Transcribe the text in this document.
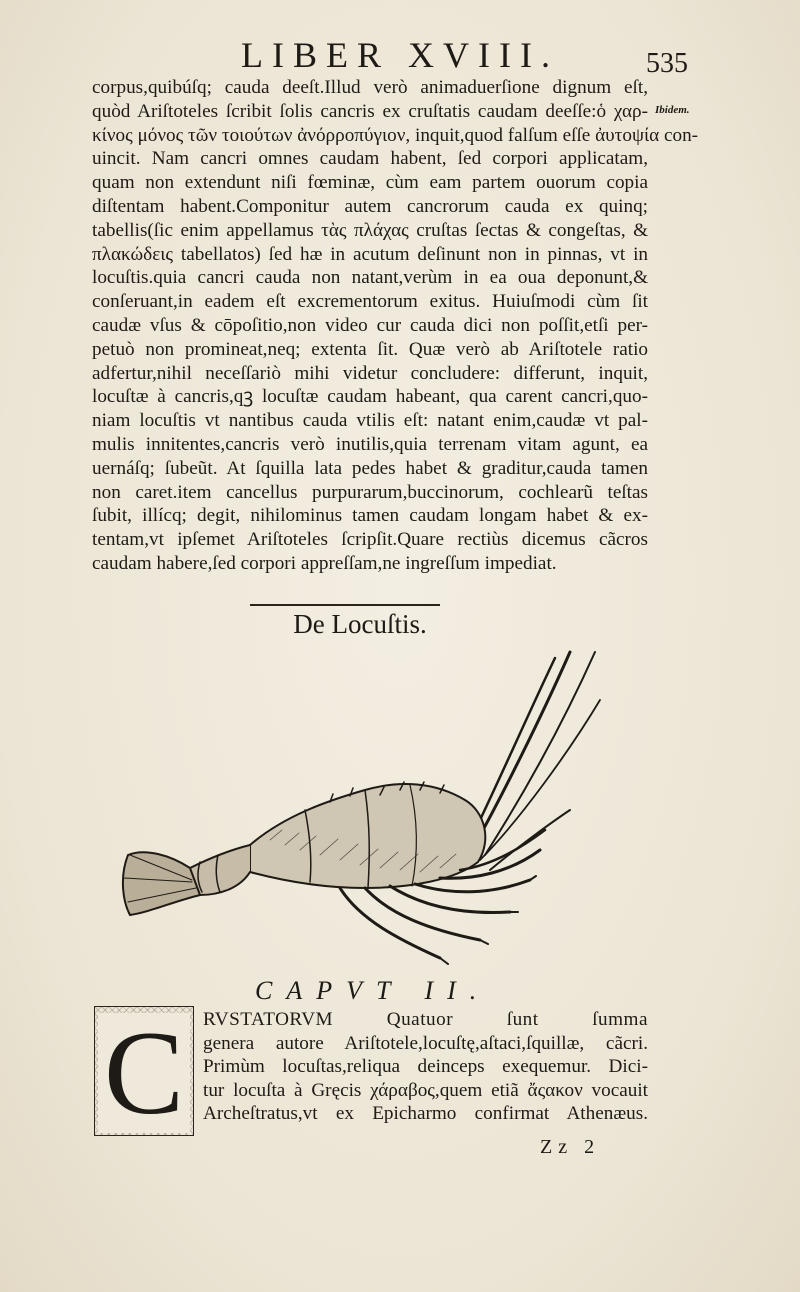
LIBER XVIII.	535
Ibidem.
corpus,quibúſq; cauda deeſt.Illud verò animaduerſione dignum eſt,
quòd Ariſtoteles ſcribit ſolis cancris ex cruſtatis caudam deeſſe:ὁ χαρ-
κίνος μόνος τῶν τοιούτων ἀνόρροπύγιον, inquit,quod falſum eſſe ἀυτοψία con-
uincit. Nam cancri omnes caudam habent, ſed corpori applicatam,
quam non extendunt niſi fœminæ, cùm eam partem ouorum copia
diſtentam habent.Componitur autem cancrorum cauda ex quinq;
tabellis(ſic enim appellamus τὰς πλάχας cruſtas ſectas & congeſtas, &
πλακώδεις tabellatos) ſed hæ in acutum deſinunt non in pinnas, vt in
locuſtis.quia cancri cauda non natant,verùm in ea oua deponunt,&
conſeruant,in eadem eſt excrementorum exitus. Huiuſmodi cùm ſit
caudæ vſus & cōpoſitio,non video cur cauda dici non poſſit,etſi per-
petuò non promineat,neq; extenta ſit. Quæ verò ab Ariſtotele ratio
adfertur,nihil neceſſariò mihi videtur concludere: differunt, inquit,
locuſtæ à cancris,qꝫ locuſtæ caudam habeant, qua carent cancri,quo-
niam locuſtis vt nantibus cauda vtilis eſt: natant enim,caudæ vt pal-
mulis innitentes,cancris verò inutilis,quia terrenam vitam agunt, ea
uernáſq; ſubeũt. At ſquilla lata pedes habet & graditur,cauda tamen
non caret.item cancellus purpurarum,buccinorum, cochlearũ teſtas
ſubit, illícq; degit, nihilominus tamen caudam longam habet & ex-
tentam,vt ipſemet Ariſtoteles ſcripſit.Quare rectiùs dicemus cãcros
caudam habere,ſed corpori appreſſam,ne ingreſſum impediat.
De Locuſtis.
CAPVT II.
C RVSTATORVM Quatuor ſunt ſumma
genera autore Ariſtotele,locuſtę,aſtaci,ſquillæ, cãcri.
Primùm locuſtas,reliqua deinceps exequemur. Dici-
tur locuſta à Gręcis χάραβος,quem etiã ἄςακον vocauit
Archeſtratus,vt ex Epicharmo confirmat Athenæus.
Zz 2
